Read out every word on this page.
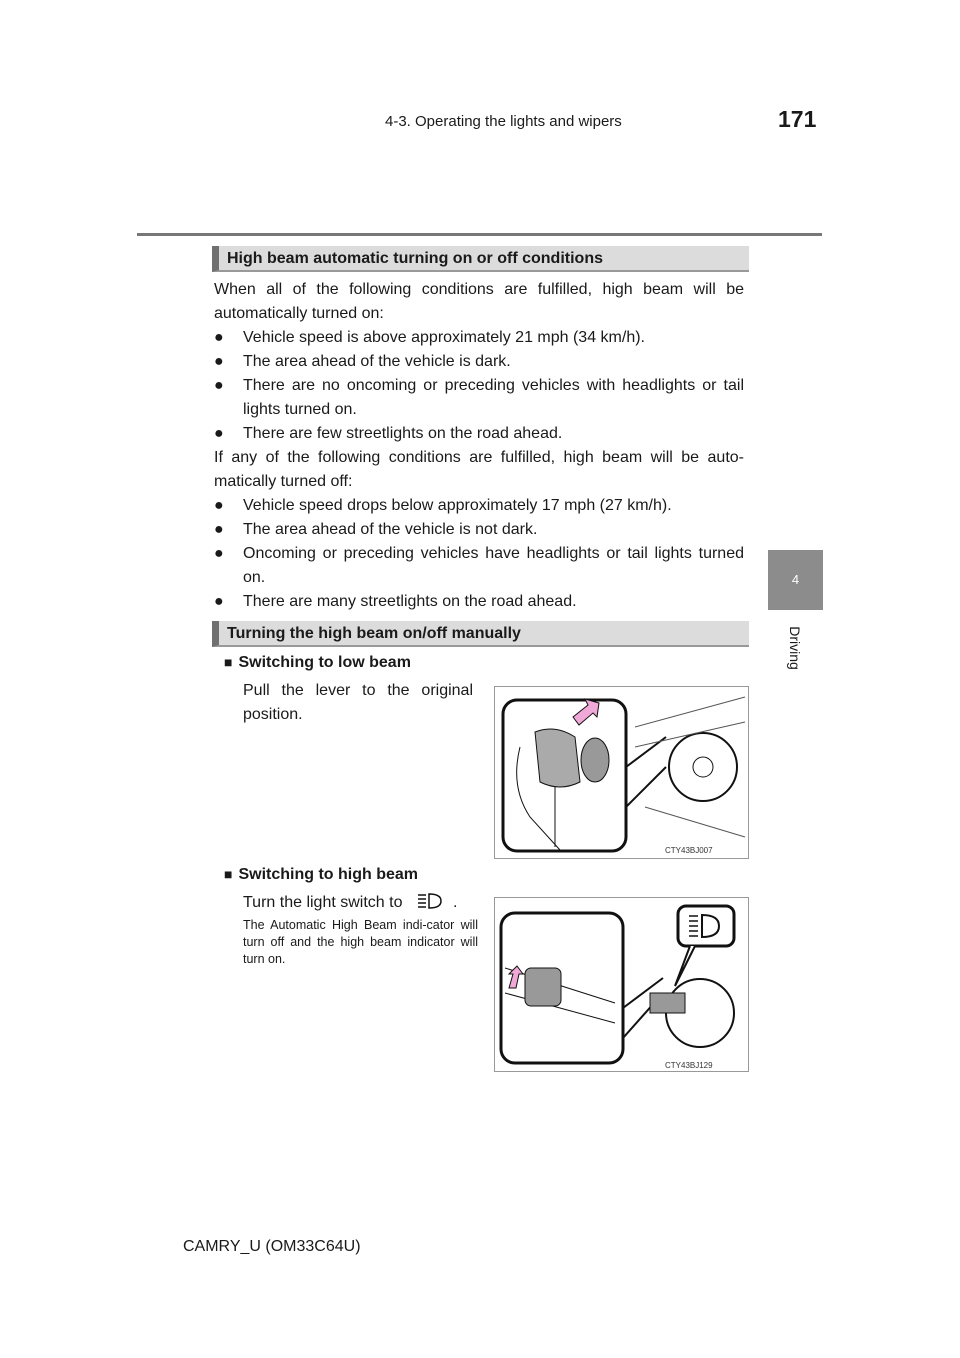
4-3. Operating the lights and wipers	171
4
Driving
High beam automatic turning on or off conditions

When all of the following conditions are fulfilled, high beam will be automatically turned on:

● Vehicle speed is above approximately 21 mph (34 km/h).

● The area ahead of the vehicle is dark.

● There are no oncoming or preceding vehicles with headlights or tail lights turned on.

● There are few streetlights on the road ahead.

If any of the following conditions are fulfilled, high beam will be auto-matically turned off:

● Vehicle speed drops below approximately 17 mph (27 km/h).

● The area ahead of the vehicle is not dark.

● Oncoming or preceding vehicles have headlights or tail lights turned on.

● There are many streetlights on the road ahead.

Turning the high beam on/off manually
■ Switching to low beam
Pull the lever to the original position.
CTY43BJ007
■ Switching to high beam
Turn the light switch to	.
The Automatic High Beam indi-cator will turn off and the high beam indicator will turn on.
CTY43BJ129
CAMRY_U (OM33C64U)
